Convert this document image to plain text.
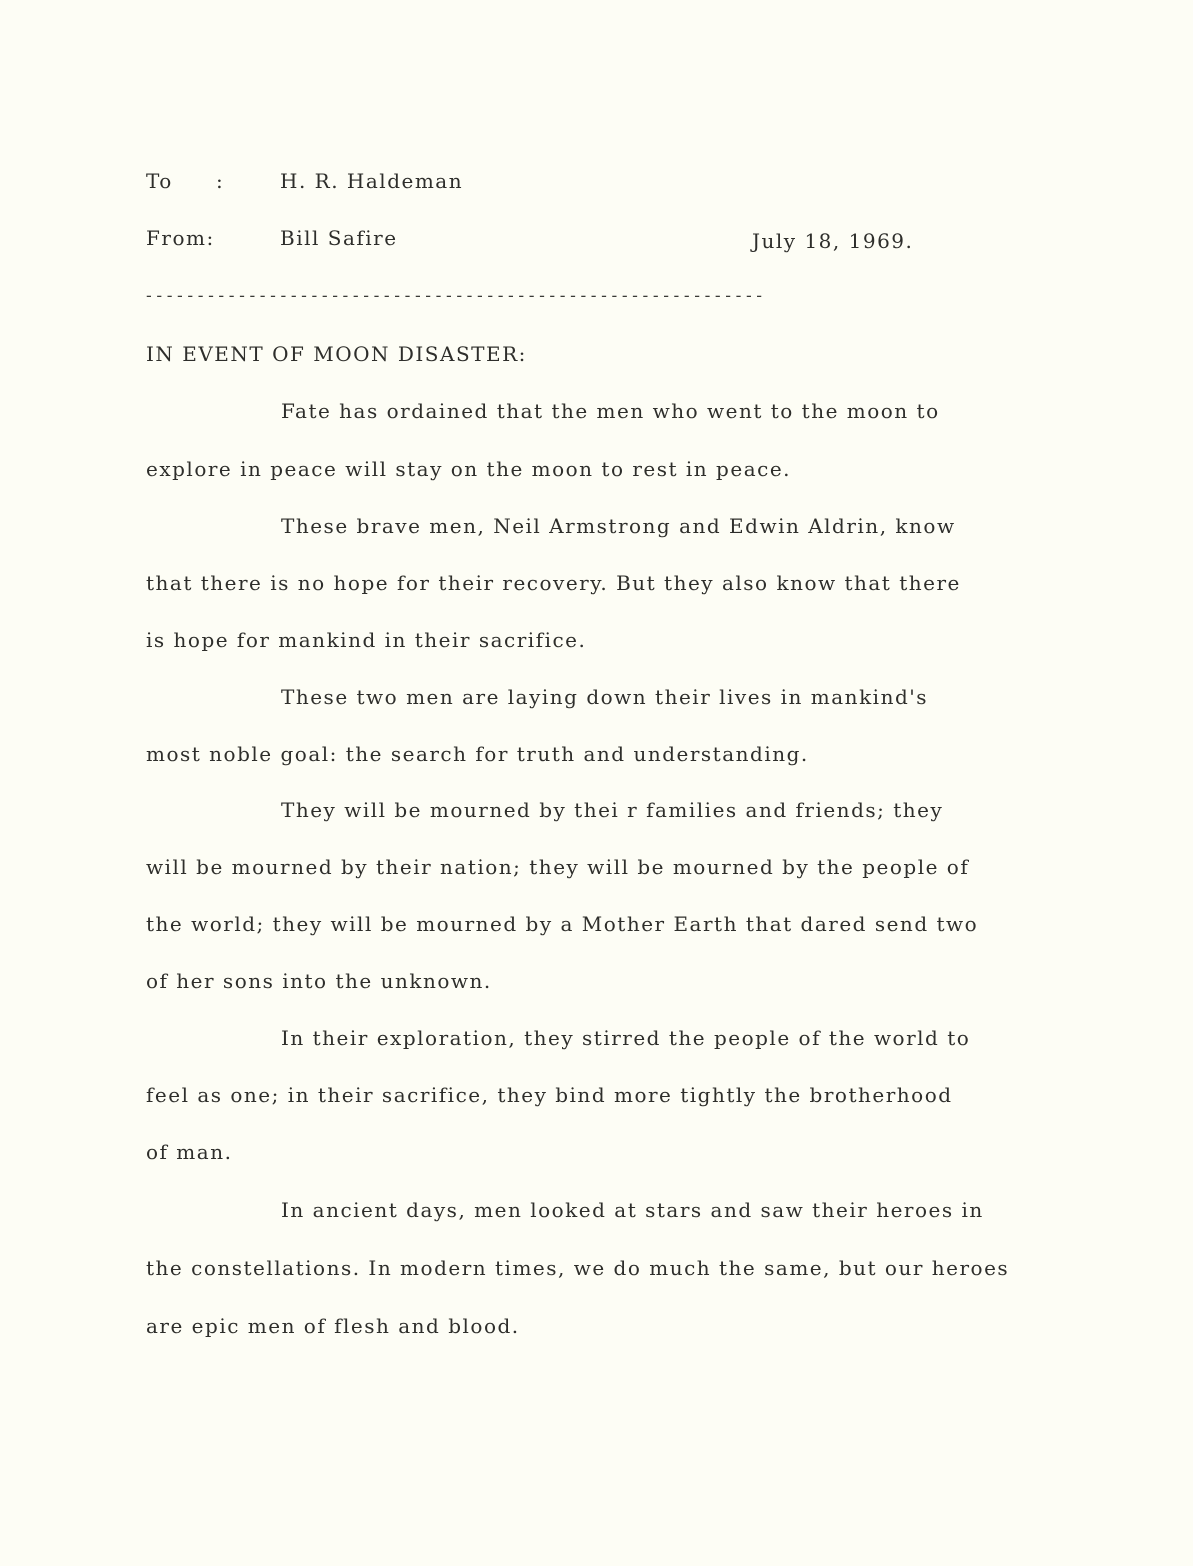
To :	H. R. Haldeman
From:	Bill Safire	July 18, 1969.
------------------------------------------------------------
IN EVENT OF MOON DISASTER:
Fate has ordained that the men who went to the moon to
explore in peace will stay on the moon to rest in peace.
These brave men, Neil Armstrong and Edwin Aldrin, know
that there is no hope for their recovery. But they also know that there
is hope for mankind in their sacrifice.
These two men are laying down their lives in mankind's
most noble goal: the search for truth and understanding.
They will be mourned by thei r families and friends; they
will be mourned by their nation; they will be mourned by the people of
the world; they will be mourned by a Mother Earth that dared send two
of her sons into the unknown.
In their exploration, they stirred the people of the world to
feel as one; in their sacrifice, they bind more tightly the brotherhood
of man.
In ancient days, men looked at stars and saw their heroes in
the constellations. In modern times, we do much the same, but our heroes
are epic men of flesh and blood.
